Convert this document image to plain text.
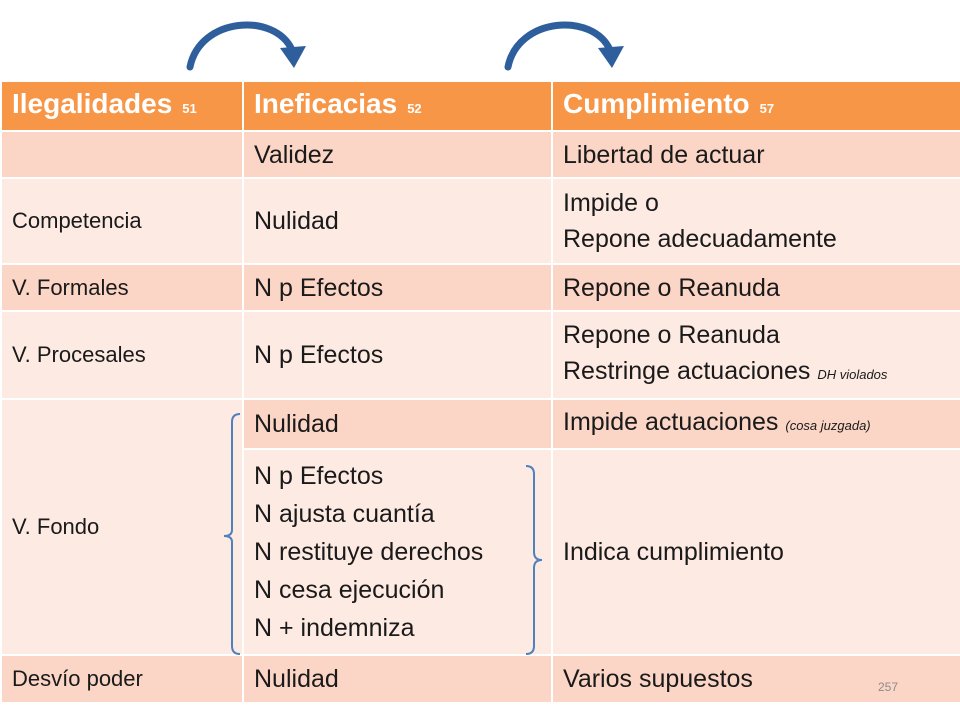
Ilegalidades 51	Ineficacias 52	Cumplimiento 57
	Validez	Libertad de actuar
Competencia	Nulidad	Impide o
Repone adecuadamente

V. Formales	N p Efectos	Repone o Reanuda
V. Procesales	N p Efectos	Repone o Reanuda
Restringe actuaciones DH violados

V. Fondo	Nulidad	Impide actuaciones (cosa juzgada)

	N p Efectos
N ajusta cuantía
N restituye derechos
N cesa ejecución
N + indemniza	Indica cumplimiento
Desvío poder	Nulidad	Varios supuestos	257
